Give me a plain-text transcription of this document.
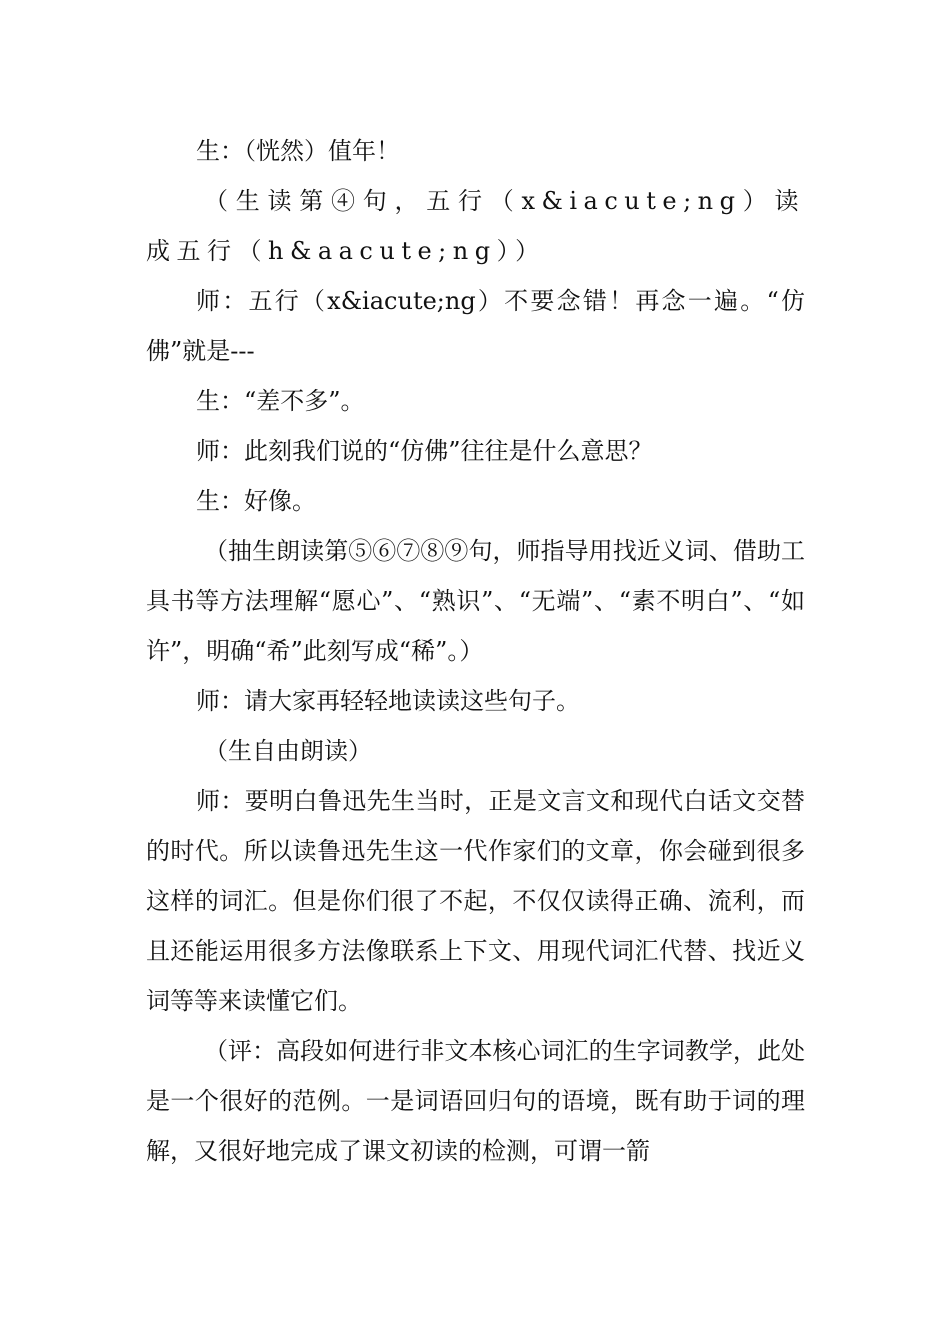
生：（恍然）值年！

（生读第④句，五行（x&iacute;ng）读成五行（h&aacute;ng））

师：五行（x&iacute;ng）不要念错！再念一遍。“仿佛”就是---

生：“差不多”。

师：此刻我们说的“仿佛”往往是什么意思？

生：好像。

（抽生朗读第⑤⑥⑦⑧⑨句，师指导用找近义词、借助工具书等方法理解“愿心”、“熟识”、“无端”、“素不明白”、“如许”，明确“希”此刻写成“稀”。）

师：请大家再轻轻地读读这些句子。

（生自由朗读）

师：要明白鲁迅先生当时，正是文言文和现代白话文交替的时代。所以读鲁迅先生这一代作家们的文章，你会碰到很多这样的词汇。但是你们很了不起，不仅仅读得正确、流利，而且还能运用很多方法像联系上下文、用现代词汇代替、找近义词等等来读懂它们。

（评：高段如何进行非文本核心词汇的生字词教学，此处是一个很好的范例。一是词语回归句的语境，既有助于词的理解，又很好地完成了课文初读的检测，可谓一箭
